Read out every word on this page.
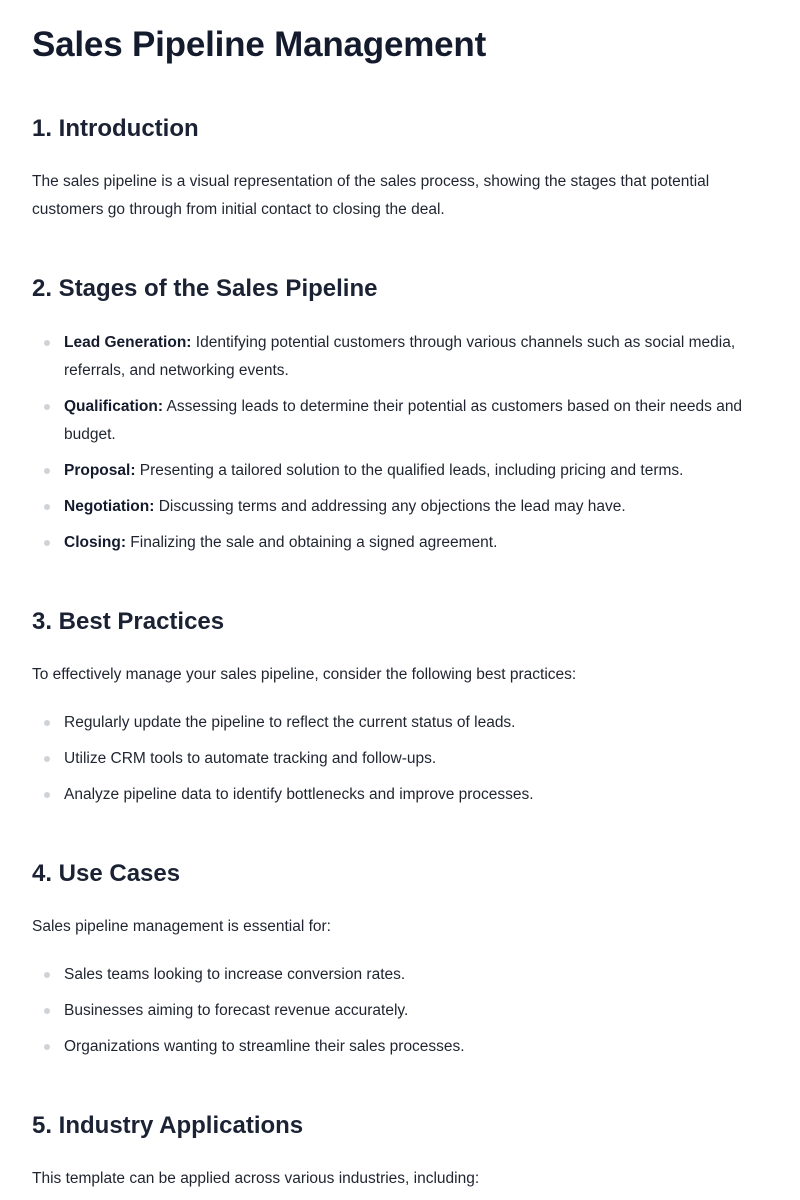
Sales Pipeline Management
1. Introduction

The sales pipeline is a visual representation of the sales process, showing the stages that potential customers go through from initial contact to closing the deal.

2. Stages of the Sales Pipeline
Lead Generation: Identifying potential customers through various channels such as social media, referrals, and networking events.
Qualification: Assessing leads to determine their potential as customers based on their needs and budget.
Proposal: Presenting a tailored solution to the qualified leads, including pricing and terms.
Negotiation: Discussing terms and addressing any objections the lead may have.
Closing: Finalizing the sale and obtaining a signed agreement.
3. Best Practices

To effectively manage your sales pipeline, consider the following best practices:

Regularly update the pipeline to reflect the current status of leads.
Utilize CRM tools to automate tracking and follow-ups.
Analyze pipeline data to identify bottlenecks and improve processes.
4. Use Cases

Sales pipeline management is essential for:

Sales teams looking to increase conversion rates.
Businesses aiming to forecast revenue accurately.
Organizations wanting to streamline their sales processes.
5. Industry Applications

This template can be applied across various industries, including:
